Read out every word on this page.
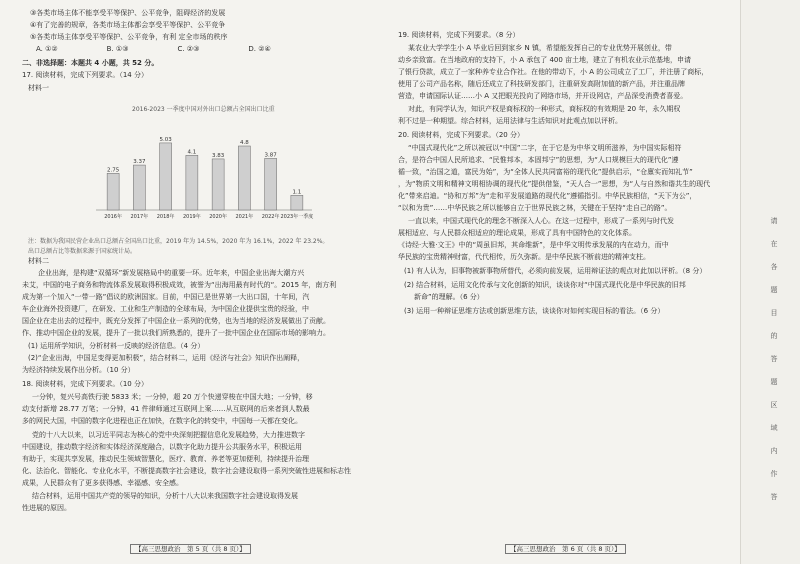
③各类市场主体不能享受平等保护、公平竞争，阻碍经济的发展
④有了完善的规章，各类市场主体都会享受平等保护、公平竞争
⑤各类市场主体享受平等保护、公平竞争，有利 定全市场的秩序
A. ①②　　　　　　　B. ①③　　　　　　　C. ②③　　　　　　　D. ②④
二、非选择题：本题共 4 小题，共 52 分。
17. 阅读材料，完成下列要求。（14 分）
材料一
2016-2023 一季度中国对外出口总额占全国出口比重
2.75
2016年
3.37
2017年
5.03
2018年
4.1
2019年
3.83
2020年
4.8
2021年
3.87
2022年
1.1
2023年一季度
注：数据为我国民营企业出口总额占全国出口比重，2019 年为 14.5%，2020 年为 16.1%，2022 年 23.2%。
出口总额占比等数据来源于国家统计局。
材料二
企业出海，是构建“双循环”新发展格局中的重要一环。近年来，中国企业出海大潮方兴
未艾，中国的电子商务和物流体系发展取得积极成效，被誉为“出海用最有时代的“。2015 年，南方利
成为第一个加入“一带一路”倡议的欧洲国家。目前，中国已是世界第一大出口国，十年间，汽
车企业海外投资建厂，在研发、工业和生产制造的全球布局，为中国企业提供宝贵的经验，中
国企业在走出去的过程中，既充分发挥了中国企业一系列的优势，也为当地的经济发展做出了贡献。
作、推动中国企业的发展，提升了一批以我们所熟悉的，提升了一批中国企业在国际市场的影响力。
(1) 运用所学知识，分析材料一反映的经济信息。（4 分）
(2)“企业出海，中国足变得更加积极”，结合材料二，运用《经济与社会》知识作出阐释，
为经济持续发展作出分析。（10 分）
18. 阅读材料，完成下列要求。（10 分）
一分钟，复兴号高铁行驶 5833 米；一分钟，超 20 万个快递穿梭在中国大地；一分钟，移
动支付新增 28.77 万笔；一分钟，41 件律师通过互联网上案……从互联网的后来者到人数最
多的网民大国，中国的数字化进程也正在加快，在数字化的转变中，中国每一天都在变化。
党的十八大以来，以习近平同志为核心的党中央深刻把握信息化发展趋势，大力推进数字
中国建设，推动数字经济和实体经济深度融合，以数字化助力提升公共服务水平，积极运用
有助于，实现共享发展，推动民生领域智慧化，医疗、教育、养老等更加便利，持续提升治理
化、法治化、智能化、专业化水平，不断提高数字社会建设，数字社会建设取得一系列突破性进展和标志性
成果，人民群众有了更多获得感、幸福感、安全感。
结合材料，运用中国共产党的领导的知识，分析十八大以来我国数字社会建设取得发展
性进展的原因。
【高三思想政治　第 5 页（共 8 页）】
19. 阅读材料，完成下列要求。（8 分）
某农业大学学生小 A 毕业后回到家乡 N 镇，希望能发挥自己的专业优势开展创业，带
动乡亲致富。在当地政府的支持下，小 A 承包了 400 亩土地，建立了有机农业示范基地，申请
了银行贷款，成立了一家种养专业合作社。在他的带动下，小 A 的公司成立了工厂，并注册了商标，
使用了公司产品名称，随后还成立了科技研发部门，注重研发高附加值的新产品，并注重品牌
营造，申请国际认证……小 A 又把眼光投向了网络市场，并开设网店，产品深受消费者喜爱。
对此，有同学认为，知识产权是商标权的一种形式，商标权的有效期是 20 年，永久期权
利不过是一种期望。综合材料，运用法律与生活知识对此观点加以评析。
20. 阅读材料，完成下列要求。（20 分）
“中国式现代化”之所以被冠以“中国”二字，在于它是为中华文明所滋养，为中国实际相符
合，是符合中国人民所追求、“民惟邦本，本固邦宁”的思想，为“人口规模巨大的现代化”遵
循一致，“治国之道，富民为始”，为“全体人民共同富裕的现代化”提供启示，“仓廪实而知礼节”
，为“物质文明和精神文明相协调的现代化”提供借鉴，“天人合一”思想，为“人与自然和谐共生的现代
化”带来启迪。“协和万邦”为“走和平发展道路的现代化”遵循指引。中华民族相信，“天下为公”，
“以和为贵”……中华民族之所以能够自立于世界民族之林，关键在于坚持“走自己的路”。
一直以来，中国式现代化的理念不断深入人心。在这一过程中，形成了一系列与时代发
展相适应、与人民群众相适应的理论成果，形成了具有中国特色的文化体系。
《诗经·大雅·文王》中的“周虽旧邦，其命维新”，是中华文明传承发展的内在动力，而中
华民族的宝贵精神财富，代代相传，历久弥新。是中华民族不断前进的精神支柱。
(1) 有人认为，旧事物被新事物所替代，必须向前发展，运用辩证法的观点对此加以评析。（8 分）
(2) 结合材料，运用文化传承与文化创新的知识，谈谈你对“中国式现代化是中华民族的旧邦
新命”的理解。（6 分）
(3) 运用一种辩证思维方法或创新思维方法，谈谈你对如何实现目标的看法。（6 分）
【高三思想政治　第 6 页（共 8 页）】
请在各题目的答题区域内作答
